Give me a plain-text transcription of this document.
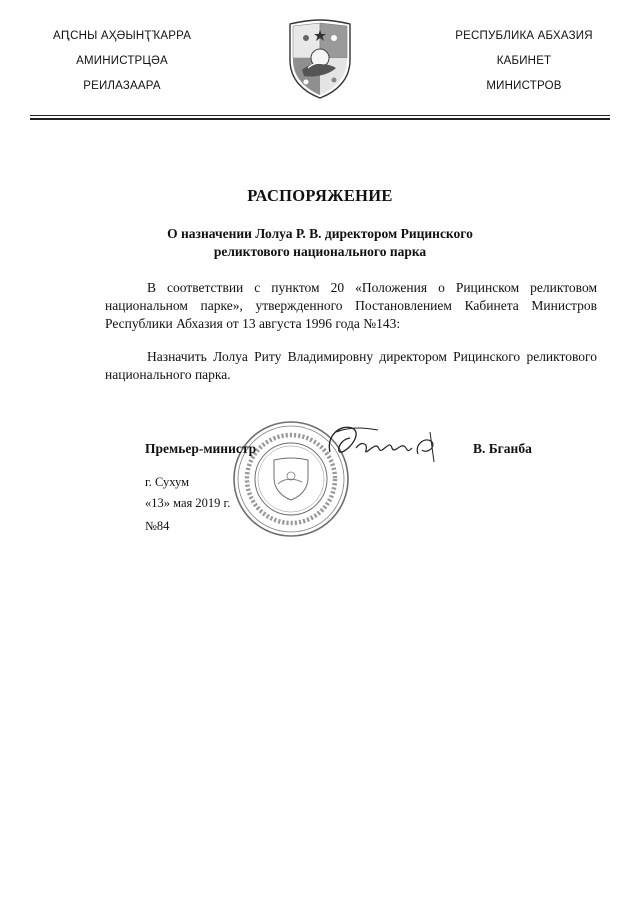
АԤСНЫ АҲӘЫНҬҠАРРА
АМИНИСТРЦӘА
РЕИЛАЗААРА
РЕСПУБЛИКА АБХАЗИЯ
КАБИНЕТ
МИНИСТРОВ
РАСПОРЯЖЕНИЕ
О назначении Лолуа Р. В. директором Рицинского
реликтового национального парка
В соответствии с пунктом 20 «Положения о Рицинском реликтовом национальном парке», утвержденного Постановлением Кабинета Министров Республики Абхазия от 13 августа 1996 года №143:
Назначить Лолуа Риту Владимировну директором Рицинского реликтового национального парка.
Премьер-министр	В. Бганба
г. Сухум
«13» мая 2019 г.
№84
